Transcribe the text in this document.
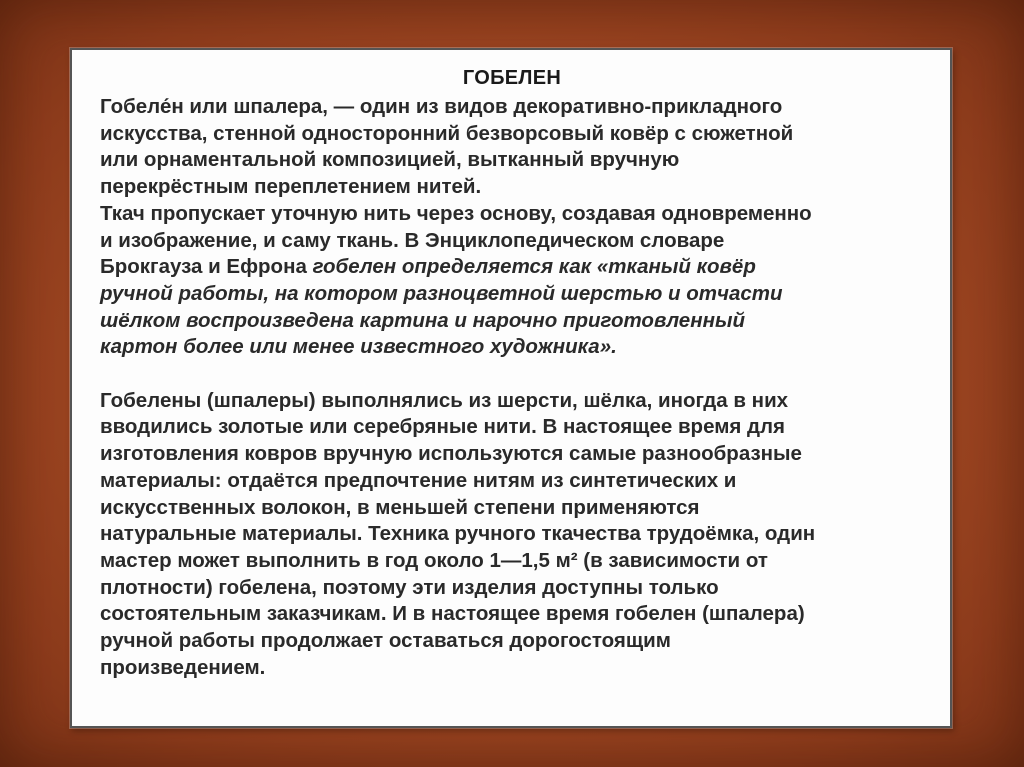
ГОБЕЛЕН

Гобеле́н или шпалера, — один из видов декоративно-прикладного
искусства, стенной односторонний безворсовый ковёр с сюжетной
или орнаментальной композицией, вытканный вручную
перекрёстным переплетением нитей.

Ткач пропускает уточную нить через основу, создавая одновременно
и изображение, и саму ткань. В Энциклопедическом словаре
Брокгауза и Ефрона гобелен определяется как «тканый ковёр
ручной работы, на котором разноцветной шерстью и отчасти
шёлком воспроизведена картина и нарочно приготовленный
картон более или менее известного художника».

Гобелены (шпалеры) выполнялись из шерсти, шёлка, иногда в них
вводились золотые или серебряные нити. В настоящее время для
изготовления ковров вручную используются самые разнообразные
материалы: отдаётся предпочтение нитям из синтетических и
искусственных волокон, в меньшей степени применяются
натуральные материалы. Техника ручного ткачества трудоёмка, один
мастер может выполнить в год около 1—1,5 м² (в зависимости от
плотности) гобелена, поэтому эти изделия доступны только
состоятельным заказчикам. И в настоящее время гобелен (шпалера)
ручной работы продолжает оставаться дорогостоящим
произведением.
